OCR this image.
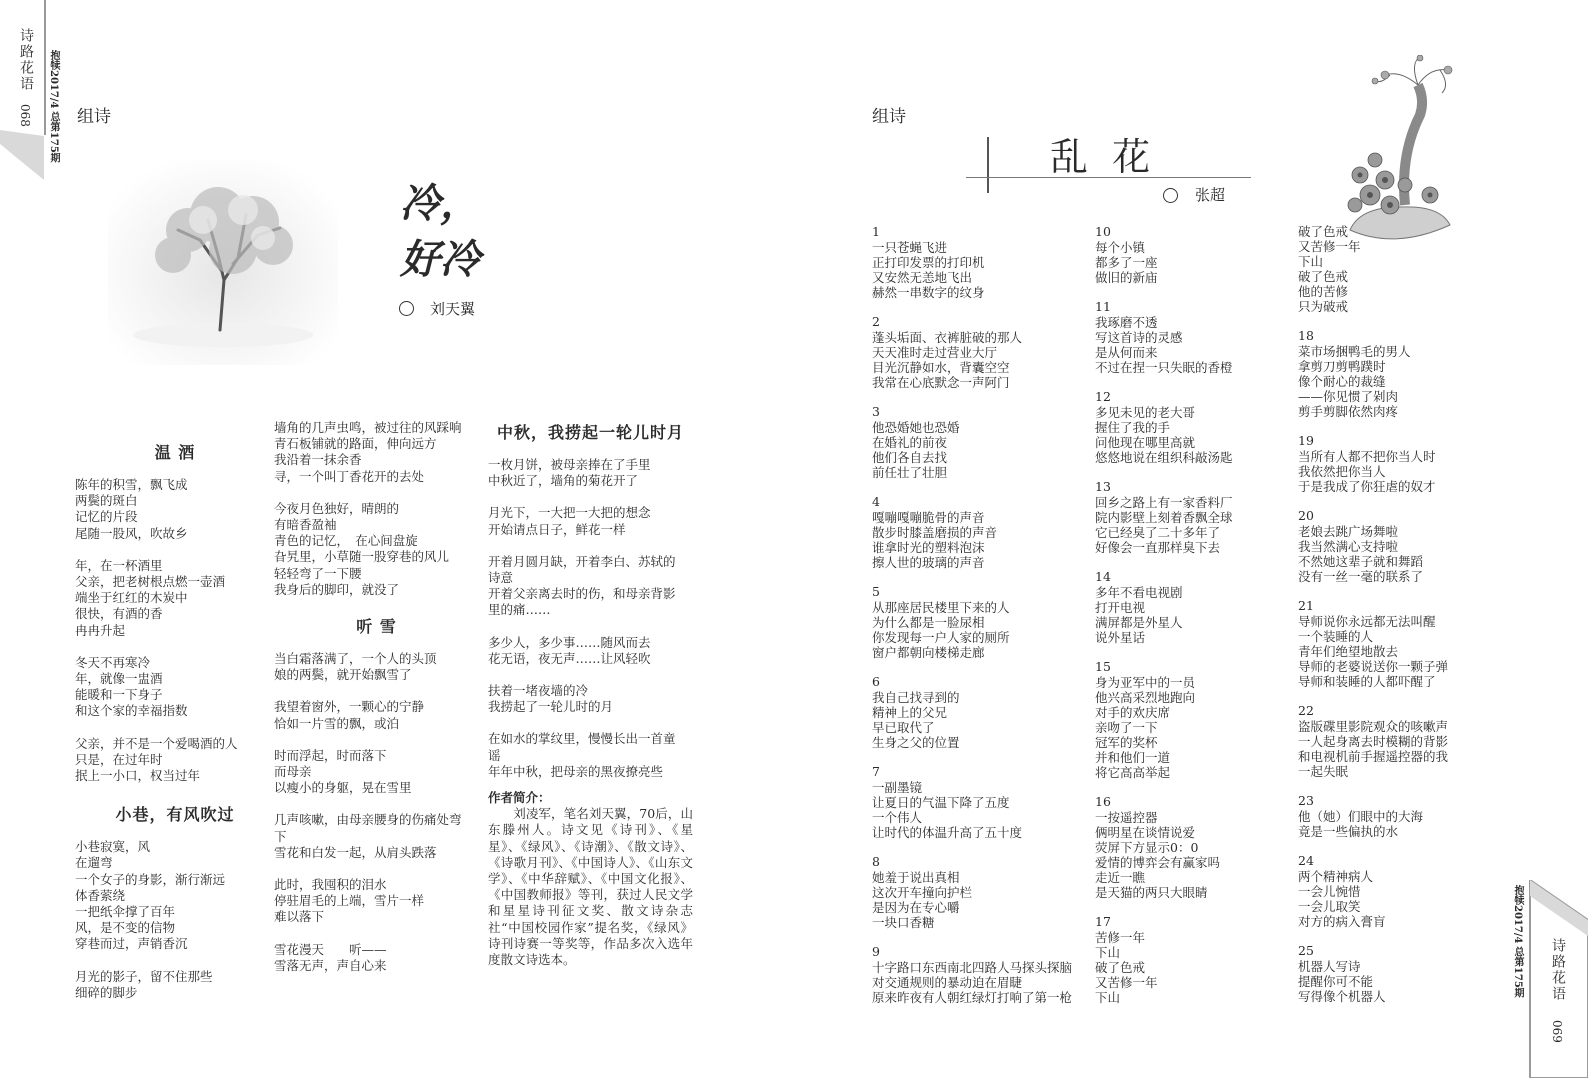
诗路花语
068 抱犊2017/4 总第175期 组诗
冷，
好冷
刘天翼
温 酒
陈年的积雪，飘飞成
两鬓的斑白
记忆的片段
尾随一股风，吹故乡
年，在一杯酒里
父亲，把老树根点燃一壶酒
端坐于红红的木炭中
很快，有酒的香
冉冉升起
冬天不再寒冷
年，就像一盅酒
能暖和一下身子
和这个家的幸福指数
父亲，并不是一个爱喝酒的人
只是，在过年时
抿上一小口，权当过年
小巷，有风吹过
小巷寂寞，风
在遛弯
一个女子的身影，渐行渐远
体香萦绕
一把纸伞撑了百年
风，是不变的信物
穿巷而过，声销香沉
月光的影子，留不住那些
细碎的脚步
墙角的几声虫鸣，被过往的风踩响
青石板铺就的路面，伸向远方
我沿着一抹余香
寻，一个叫丁香花开的去处
今夜月色独好，晴朗的
有暗香盈袖
青色的记忆，　在心间盘旋
旮旯里，小草随一股穿巷的风儿
轻轻弯了一下腰
我身后的脚印，就没了
听 雪
当白霜落满了，一个人的头顶
娘的两鬓，就开始飘雪了
我望着窗外，一颗心的宁静
恰如一片雪的飘，或泊
时而浮起，时而落下
而母亲
以瘦小的身躯，晃在雪里
几声咳嗽，由母亲腰身的伤痛处弯
下
雪花和白发一起，从肩头跌落
此时，我囤积的泪水
停驻眉毛的上端，雪片一样
难以落下
雪花漫天　　听——
雪落无声，声自心来
中秋，我捞起一轮儿时月
一枚月饼，被母亲捧在了手里
中秋近了，墙角的菊花开了
月光下，一大把一大把的想念
开始请点日子，鲜花一样
开着月圆月缺，开着李白、苏轼的
诗意
开着父亲离去时的伤，和母亲背影
里的痛……
多少人，多少事……随风而去
花无语，夜无声……让风轻吹
扶着一堵夜墙的冷
我捞起了一轮儿时的月
在如水的掌纹里，慢慢长出一首童
谣
年年中秋，把母亲的黑夜撩亮些
作者简介：
　　刘凌军，笔名刘天翼，70后，山东滕州人。诗文见《诗刊》、《星星》、《绿风》、《诗潮》、《散文诗》、《诗歌月刊》、《中国诗人》、《山东文学》、《中华辞赋》、《中国文化报》、《中国教师报》等刊，获过人民文学和星星诗刊征文奖、散文诗杂志社“中国校园作家”提名奖，《绿风》诗刊诗赛一等奖等，作品多次入选年度散文诗选本。
组诗
乱 花
张超
1
一只苍蝇飞进
正打印发票的打印机
又安然无恙地飞出
赫然一串数字的纹身
2
蓬头垢面、衣裤脏破的那人
天天准时走过营业大厅
目光沉静如水，背囊空空
我常在心底默念一声阿门
3
他恐婚她也恐婚
在婚礼的前夜
他们各自去找
前任壮了壮胆
4
嘎嘣嘎嘣脆骨的声音
散步时膝盖磨损的声音
谁拿时光的塑料泡沫
擦人世的玻璃的声音
5
从那座居民楼里下来的人
为什么都是一脸尿相
你发现每一户人家的厕所
窗户都朝向楼梯走廊
6
我自己找寻到的
精神上的父兄
早已取代了
生身之父的位置
7
一副墨镜
让夏日的气温下降了五度
一个伟人
让时代的体温升高了五十度
8
她羞于说出真相
这次开车撞向护栏
是因为在专心嚼
一块口香糖
9
十字路口东西南北四路人马探头探脑
对交通规则的暴动迫在眉睫
原来昨夜有人朝红绿灯打响了第一枪
10
每个小镇
都多了一座
做旧的新庙
11
我琢磨不透
写这首诗的灵感
是从何而来
不过在捏一只失眠的香橙
12
多见未见的老大哥
握住了我的手
问他现在哪里高就
悠悠地说在组织科敲汤匙
13
回乡之路上有一家香料厂
院内影壁上刻着香飘全球
它已经臭了二十多年了
好像会一直那样臭下去
14
多年不看电视剧
打开电视
满屏都是外星人
说外星话
15
身为亚军中的一员
他兴高采烈地跑向
对手的欢庆席
亲吻了一下
冠军的奖杯
并和他们一道
将它高高举起
16
一按遥控器
俩明星在谈情说爱
荧屏下方显示0：0
爱情的博弈会有赢家吗
走近一瞧
是天猫的两只大眼睛
17
苦修一年
下山
破了色戒
又苦修一年
下山
破了色戒
又苦修一年
下山
破了色戒
他的苦修
只为破戒
18
菜市场捆鸭毛的男人
拿剪刀剪鸭蹼时
像个耐心的裁缝
——你见惯了剁肉
剪手剪脚依然肉疼
19
当所有人都不把你当人时
我依然把你当人
于是我成了你狂虐的奴才
20
老娘去跳广场舞啦
我当然满心支持啦
不然她这辈子就和舞蹈
没有一丝一毫的联系了
21
导师说你永远都无法叫醒
一个装睡的人
青年们绝望地散去
导师的老婆说送你一颗子弹
导师和装睡的人都吓醒了
22
盗版碟里影院观众的咳嗽声
一人起身离去时模糊的背影
和电视机前手握遥控器的我
一起失眠
23
他（她）们眼中的大海
竟是一些偏执的水
24
两个精神病人
一会儿惋惜
一会儿取笑
对方的病入膏肓
25
机器人写诗
提醒你可不能
写得像个机器人	抱犊2017/4 总第175期 诗路花语
069
